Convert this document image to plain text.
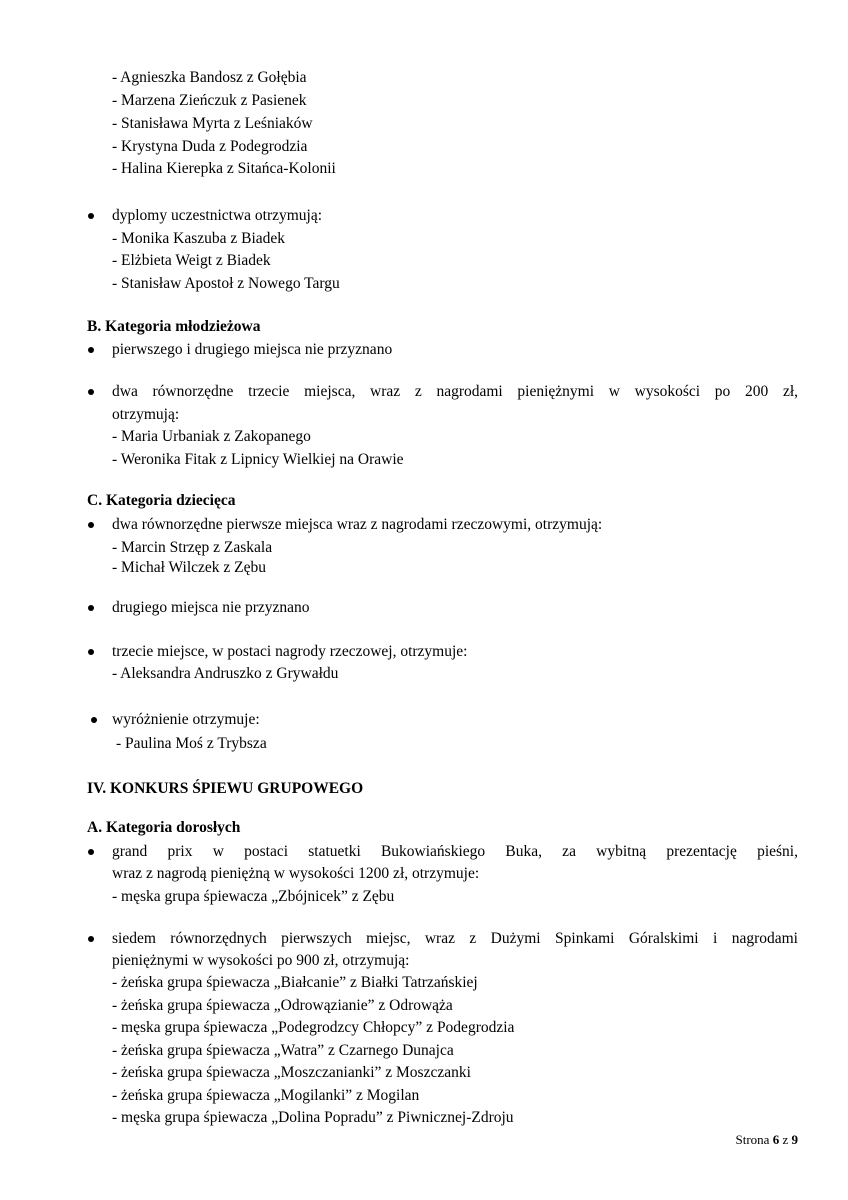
- Agnieszka Bandosz z Gołębia
- Marzena Zieńczuk z Pasienek
- Stanisława Myrta z Leśniaków
- Krystyna Duda z Podegrodzia
- Halina Kierepka z Sitańca-Kolonii
dyplomy uczestnictwa otrzymują:
- Monika Kaszuba z Biadek
- Elżbieta Weigt z Biadek
- Stanisław Apostoł z Nowego Targu
B. Kategoria młodzieżowa
pierwszego i drugiego miejsca nie przyznano
dwa równorzędne trzecie miejsca, wraz z nagrodami pieniężnymi w wysokości po 200 zł,
otrzymują:
- Maria Urbaniak z Zakopanego
- Weronika Fitak z Lipnicy Wielkiej na Orawie
C. Kategoria dziecięca
dwa równorzędne pierwsze miejsca wraz z nagrodami rzeczowymi, otrzymują:
- Marcin Strzęp z Zaskala
- Michał Wilczek z Zębu
drugiego miejsca nie przyznano
trzecie miejsce, w postaci nagrody rzeczowej, otrzymuje:
- Aleksandra Andruszko z Grywałdu
wyróżnienie otrzymuje:
- Paulina Moś z Trybsza
IV. KONKURS ŚPIEWU GRUPOWEGO
A. Kategoria dorosłych
grand prix w postaci statuetki Bukowiańskiego Buka, za wybitną prezentację pieśni,
wraz z nagrodą pieniężną w wysokości 1200 zł, otrzymuje:
- męska grupa śpiewacza „Zbójnicek” z Zębu
siedem równorzędnych pierwszych miejsc, wraz z Dużymi Spinkami Góralskimi i nagrodami
pieniężnymi w wysokości po 900 zł, otrzymują:
- żeńska grupa śpiewacza „Białcanie” z Białki Tatrzańskiej
- żeńska grupa śpiewacza „Odrowązianie” z Odrowąża
- męska grupa śpiewacza „Podegrodzcy Chłopcy” z Podegrodzia
- żeńska grupa śpiewacza „Watra” z Czarnego Dunajca
- żeńska grupa śpiewacza „Moszczanianki” z Moszczanki
- żeńska grupa śpiewacza „Mogilanki” z Mogilan
- męska grupa śpiewacza „Dolina Popradu” z Piwnicznej-Zdroju
Strona 6 z 9
